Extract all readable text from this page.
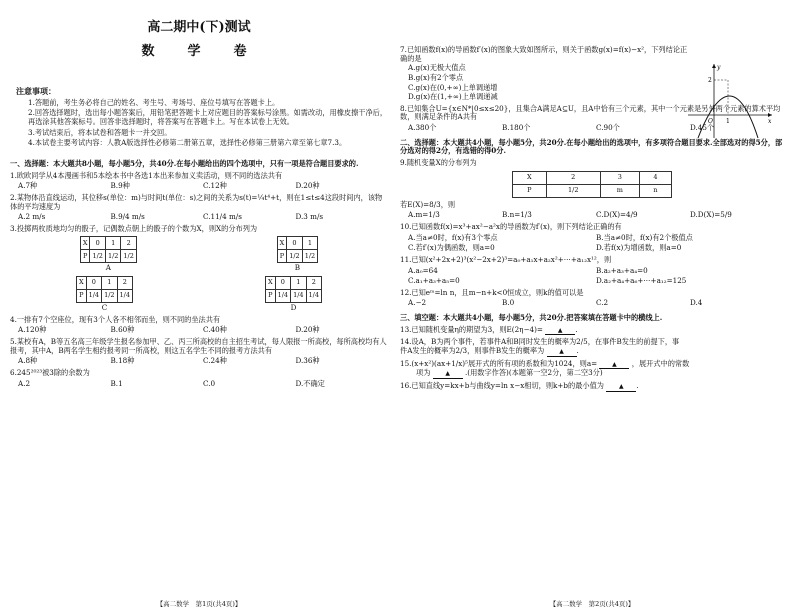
高二期中(下)测试
数　学　卷
注意事项：
1.答题前，考生务必将自己的姓名、考生号、考场号、座位号填写在答题卡上。
2.回答选择题时，选出每小题答案后，用铅笔把答题卡上对应题目的答案标号涂黑。如需改动，用橡皮擦干净后，再选涂其他答案标号。回答非选择题时，将答案写在答题卡上。写在本试卷上无效。
3.考试结束后，将本试卷和答题卡一并交回。
4.本试卷主要考试内容：人教A版选择性必修第二册第五章，选择性必修第三册第六章至第七章7.3。
一、选择题：本大题共8小题，每小题5分，共40分.在每小题给出的四个选项中，只有一项是符合题目要求的.
1.欧欧同学从4本漫画书和5本绘本书中各选1本出来参加义卖活动，则不同的选法共有
A.7种	B.9种	C.12种	D.20种
2.某物体沿直线运动，其位移s(单位：m)与时间t(单位：s)之间的关系为s(t)=¼t⁴+t，则在1≤t≤4这段时间内，该物体的平均速度为
A.2 m/s	B.9/4 m/s	C.11/4 m/s	D.3 m/s
3.投掷两枚质地均匀的骰子，记偶数点朝上的骰子的个数为X，则X的分布列为
X	0	1	2
P	1/2	1/2	1/2
A
X	0	1
P	1/2	1/2
B
X	0	1	2
P	1/4	1/2	1/4
C
X	0	1	2
P	1/4	1/4	1/4
D
4.一排有7个空座位，现有3个人各不相邻而坐，则不同的坐法共有
A.120种	B.60种	C.40种	D.20种
5.某校有A，B等五名高三年级学生报名参加甲、乙、丙三所高校的自主招生考试，每人限报一所高校，每所高校均有人报考，其中A，B两名学生相约报考同一所高校，则这五名学生不同的报考方法共有
A.8种	B.18种	C.24种	D.36种
6.245²⁰²³被3除的余数为
A.2	B.1	C.0	D.不确定
【高二数学　第1页(共4页)】
7.已知函数f(x)的导函数f′(x)的图象大致如图所示，则关于函数g(x)=f(x)−x²，下列结论正确的是
A.g(x)无极大值点
B.g(x)有2个零点
C.g(x)在(0,+∞)上单调递增
D.g(x)在(1,+∞)上单调递减
y
x
O 1
2
8.已知集合U={x∈N*|0≤x≤20}，且集合A满足A⊆U，且A中恰有三个元素，其中一个元素是另外两个元素的算术平均数，则满足条件的A共有
A.380个	B.180个	C.90个	D.45个
二、选择题：本大题共4小题，每小题5分，共20分.在每小题给出的选项中，有多项符合题目要求.全部选对的得5分，部分选对的得2分，有选错的得0分.
9.随机变量X的分布列为
X	2	3	4
P	1/2	m	n
若E(X)=8/3，则
A.m=1/3	B.n=1/3	C.D(X)=4/9	D.D(X)=5/9
10.已知函数f(x)=x³+ax²−a²x的导函数为f′(x)，则下列结论正确的有
A.当a≠0时，f(x)有3个零点	B.当a≠0时，f(x)有2个极值点
C.若f′(x)为偶函数，则a=0	D.若f(x)为增函数，则a=0
11.已知(x²+2x+2)³(x²−2x+2)³=a₀+a₁x+a₂x²+⋯+a₁₂x¹²，则
A.a₀=64	B.a₂+a₃+a₄=0
C.a₁+a₃+a₅=0	D.a₂+a₄+a₆+⋯+a₁₂=125
12.已知eᵐ=ln n，且m−n+k<0恒成立，则k的值可以是
A.−2	B.0	C.2	D.4
三、填空题：本大题共4小题，每小题5分，共20分.把答案填在答题卡中的横线上.
13.已知随机变量η的期望为3，则E(2η−4)= ▲ .
14.设A，B为两个事件，若事件A和B同时发生的概率为2/5，在事件B发生的前提下，事
件A发生的概率为2/3，则事件B发生的概率为 ▲ .
15.(x+x²)(ax+1/x)⁵展开式的所有项的系数和为1024，则a= ▲ ，展开式中的常数
项为 ▲ .(用数字作答)(本题第一空2分，第二空3分)
16.已知直线y=kx+b与曲线y=ln x−x相切，则k+b的最小值为 ▲ .
【高二数学　第2页(共4页)】
